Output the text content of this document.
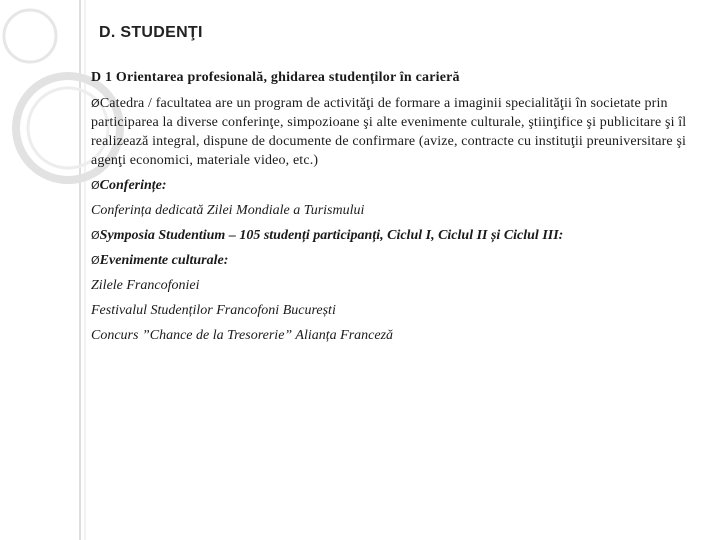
D. STUDENŢI
D 1 Orientarea profesională, ghidarea studenților în carieră
ØCatedra / facultatea are un program de activităţi de formare a imaginii specialităţii în societate prin participarea la diverse conferinţe, simpozioane şi alte evenimente culturale, ştiinţifice şi publicitare şi îl realizează integral, dispune de documente de confirmare (avize, contracte cu instituţii preuniversitare şi agenţi economici, materiale video, etc.)
ØConferințe:
Conferința dedicată Zilei Mondiale a Turismului
ØSymposia Studentium – 105 studenți participanți, Ciclul I, Ciclul II și Ciclul III:
ØEvenimente culturale:
Zilele Francofoniei
Festivalul Studenților Francofoni București
Concurs ”Chance de la Tresorerie” Alianța Franceză
